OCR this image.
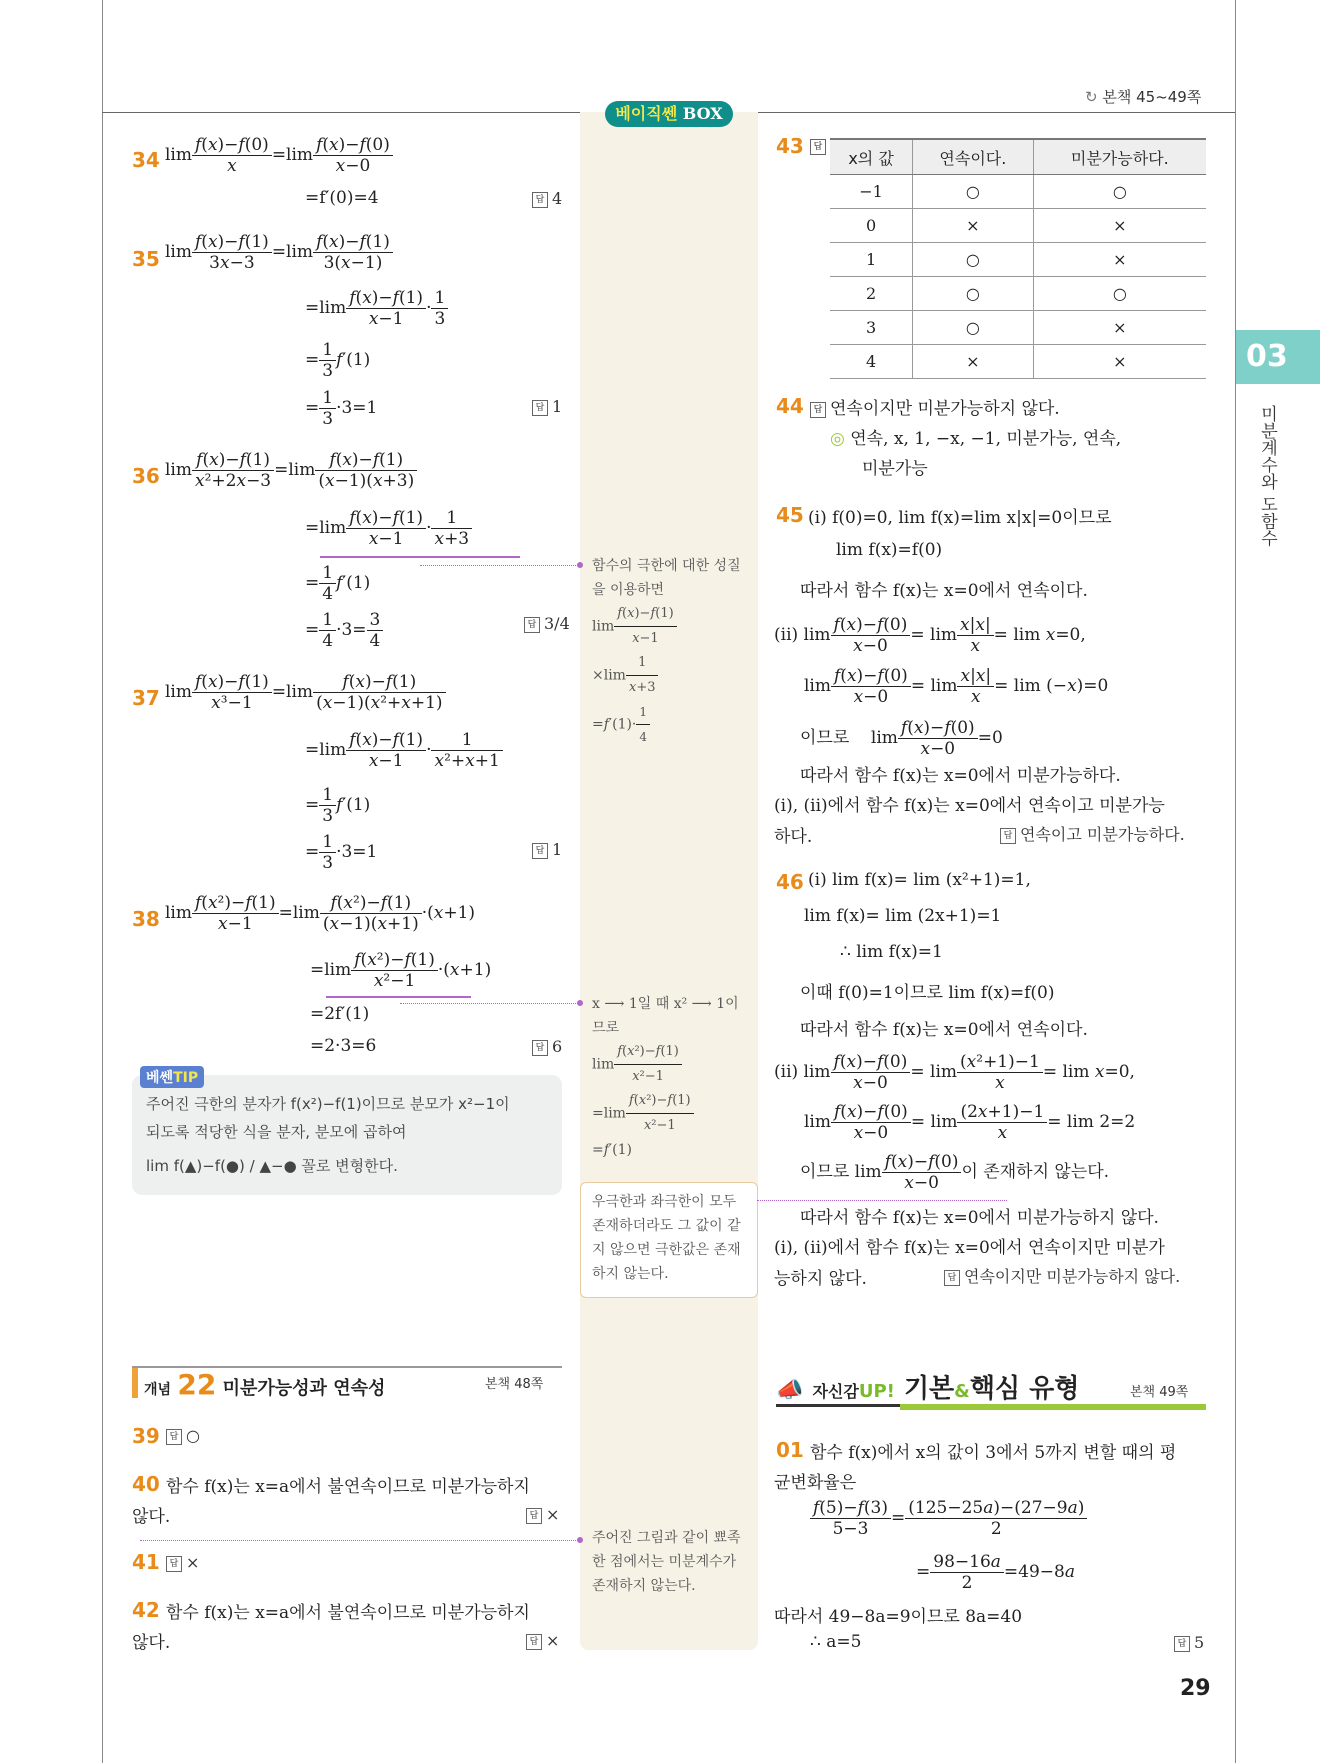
↻ 본책 45~49쪽
베이직쎈 BOX
03
미분계수와 도함수
34 $\lim \frac{f(x)-f(0)}{x} =\lim \frac{f(x)-f(0)}{x-0}$
=f′(0)=4	답 4
35 $\lim \frac{f(x)-f(1)}{3x-3} =\lim \frac{f(x)-f(1)}{3(x-1)}$
$=\lim \frac{f(x)-f(1)}{x-1} \cdot \frac{1}{3}$
= $\frac{1}{3} f'(1)$
= $\frac{1}{3} \cdot 3=1$	답 1
36 $\lim \frac{f(x)-f(1)}{\text{x²+2x−3}} =\lim \frac{f(x)-f(1)}{(x-1)(x+3)}$
$=\lim \frac{f(x)-f(1)}{x-1} \cdot \frac{1}{x+3}$
= $\frac{1}{4} f'(1)$
= $\frac{1}{4} \cdot 3= \frac{3}{4}$	답 3/4
37 $\lim \frac{f(x)-f(1)}{\text{x³−1}} =\lim \frac{f(x)-f(1)}{\text{(x−1)(x²+x+1)}}$
$=\lim \frac{f(x)-f(1)}{x-1} \cdot \frac{1}{\text{x²+x+1}}$
= $\frac{1}{3} f'(1)$
= $\frac{1}{3} \cdot 3=1$	답 1
38 $\lim \frac{\text{f(x²)−f(1)}}{x-1} =\lim \frac{\text{f(x²)−f(1)}}{(x-1)(x+1)} \cdot(x+1)$
$=\lim \frac{\text{f(x²)−f(1)}}{\text{x²−1}} \cdot(x+1)$
=2f′(1)
=2·3=6	답 6
베쎈TIP
주어진 극한의 분자가 f(x²)−f(1)이므로 분모가 x²−1이
되도록 적당한 식을 분자, 분모에 곱하여
lim f(▲)−f(●) / ▲−● 꼴로 변형한다.
개념 22 미분가능성과 연속성	본책 48쪽
39	답 ○
40 함수 f(x)는 x=a에서 불연속이므로 미분가능하지
않다.	답 ×
41	답 ×
42 함수 f(x)는 x=a에서 불연속이므로 미분가능하지
않다.	답 ×
함수의 극한에 대한 성질
을 이용하면
$\lim \frac{f(x)-f(1)}{x-1}$
$\times\lim \frac{1}{x+3}$
$=f'(1)\cdot \frac{1}{4}$
x ⟶ 1일 때 x² ⟶ 1이
므로
$\lim \frac{\text{f(x²)−f(1)}}{\text{x²−1}}$
$=\lim \frac{\text{f(x²)−f(1)}}{\text{x²−1}}$
=f′(1)
우극한과 좌극한이 모두
존재하더라도 그 값이 같
지 않으면 극한값은 존재
하지 않는다.
주어진 그림과 같이 뾰족
한 점에서는 미분계수가
존재하지 않는다.
43	답
x의 값	연속이다.	미분가능하다.
−1	○	○
0	×	×
1	○	×
2	○	○
3	○	×
4	×	×
44	답 연속이지만 미분가능하지 않다.
◎ 연속, x, 1, −x, −1, 미분가능, 연속,
미분가능
45 (i) f(0)=0, lim f(x)=lim x|x|=0이므로
lim f(x)=f(0)
따라서 함수 f(x)는 x=0에서 연속이다.
(ii) $\lim \frac{f(x)-f(0)}{x-0} = \lim \frac{x|x|}{x} = \lim x=0$,
$\lim \frac{f(x)-f(0)}{x-0} = \lim \frac{x|x|}{x} = \lim (-x)=0$
이므로    $\lim \frac{f(x)-f(0)}{x-0} =0$
따라서 함수 f(x)는 x=0에서 미분가능하다.
(i), (ii)에서 함수 f(x)는 x=0에서 연속이고 미분가능
하다.	답 연속이고 미분가능하다.
46 (i) lim f(x)= lim (x²+1)=1,
lim f(x)= lim (2x+1)=1
∴ lim f(x)=1
이때 f(0)=1이므로 lim f(x)=f(0)
따라서 함수 f(x)는 x=0에서 연속이다.
(ii) $\lim \frac{f(x)-f(0)}{x-0} = \lim \frac{\text{(x²+1)−1}}{x} = \lim x=0$,
$\lim \frac{f(x)-f(0)}{x-0} = \lim \frac{(2x+1)-1}{x} = \lim 2=2$
이므로 $\lim \frac{f(x)-f(0)}{x-0}$ 이 존재하지 않는다.
따라서 함수 f(x)는 x=0에서 미분가능하지 않다.
(i), (ii)에서 함수 f(x)는 x=0에서 연속이지만 미분가
능하지 않다.	답 연속이지만 미분가능하지 않다.
📣 자신감UP! 기본&핵심 유형	본책 49쪽
01 함수 f(x)에서 x의 값이 3에서 5까지 변할 때의 평
균변화율은
$\frac{f(5)-f(3)}{5-3} = \frac{(125-25a)-(27-9a)}{2}$
= $\frac{98-16a}{2} =49-8a$
따라서 49−8a=9이므로 8a=40
∴ a=5	답 5
29
